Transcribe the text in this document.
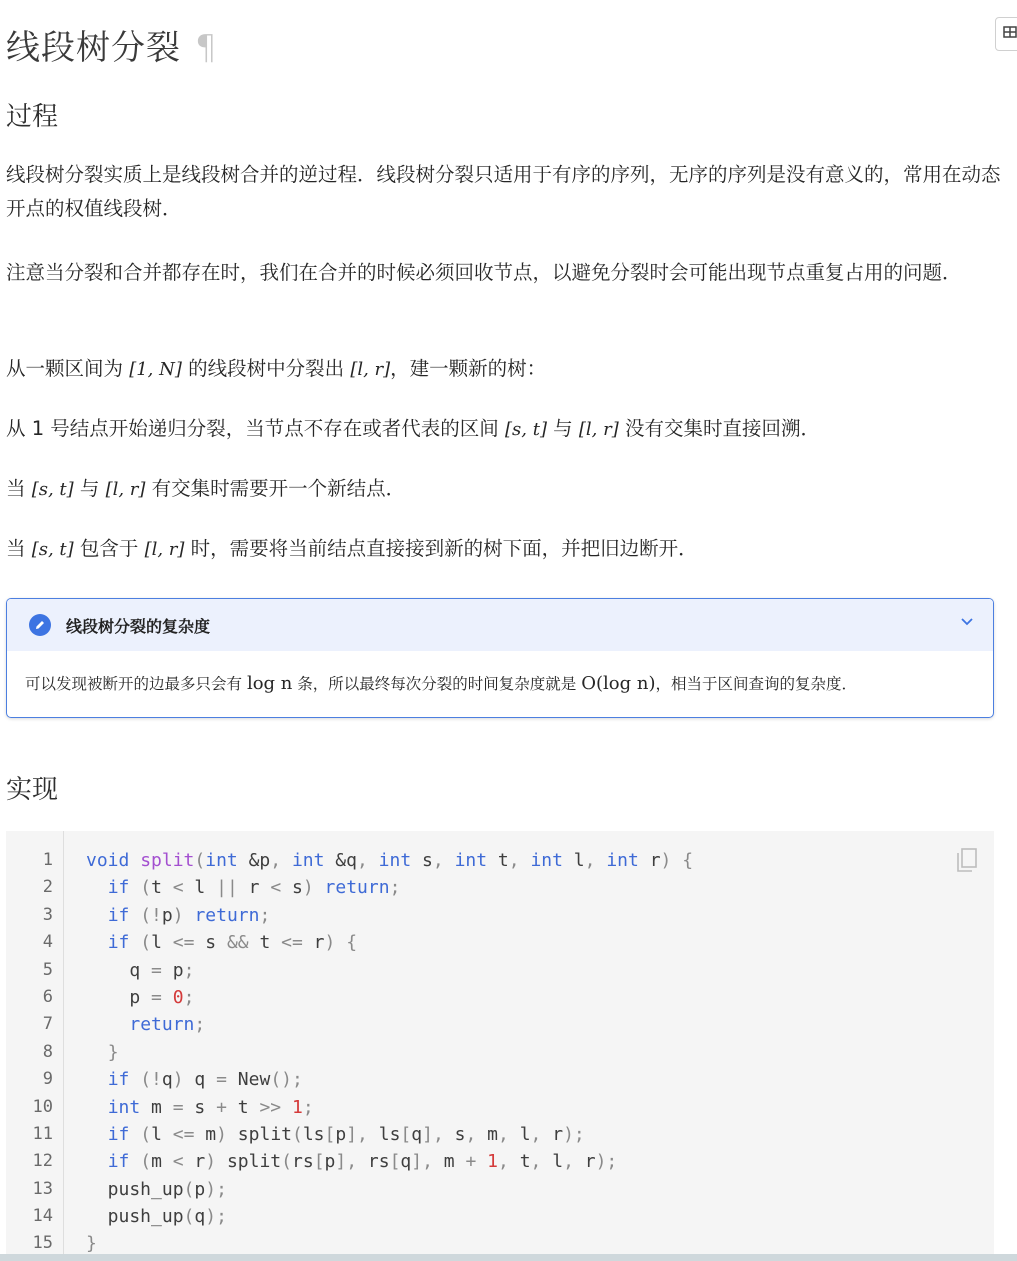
线段树分裂 ¶
过程
线段树分裂实质上是线段树合并的逆过程．线段树分裂只适用于有序的序列，无序的序列是没有意义的，常用在动态开点的权值线段树．
注意当分裂和合并都存在时，我们在合并的时候必须回收节点，以避免分裂时会可能出现节点重复占用的问题．
从一颗区间为 [1, N] 的线段树中分裂出 [l, r]，建一颗新的树：
从 1 号结点开始递归分裂，当节点不存在或者代表的区间 [s, t] 与 [l, r] 没有交集时直接回溯．
当 [s, t] 与 [l, r] 有交集时需要开一个新结点．
当 [s, t] 包含于 [l, r] 时，需要将当前结点直接接到新的树下面，并把旧边断开．
线段树分裂的复杂度
可以发现被断开的边最多只会有 log n 条，所以最终每次分裂的时间复杂度就是 O(log n)，相当于区间查询的复杂度．
实现
1
2
3
4
5
6
7
8
9
10
11
12
13
14
15
void split(int &p, int &q, int s, int t, int l, int r) {
if (t < l || r < s) return;
if (!p) return;
if (l <= s && t <= r) {
q = p;
p = 0;
return;
}
if (!q) q = New();
int m = s + t >> 1;
if (l <= m) split(ls[p], ls[q], s, m, l, r);
if (m < r) split(rs[p], rs[q], m + 1, t, l, r);
push_up(p);
push_up(q);
}
